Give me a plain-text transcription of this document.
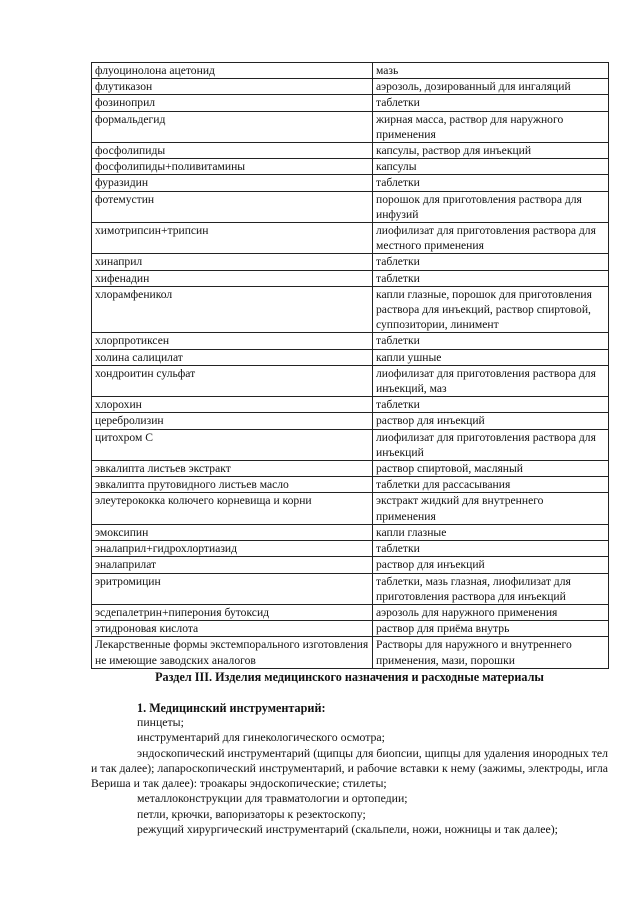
флуоцинолона ацетонид	мазь
флутиказон	аэрозоль, дозированный для ингаляций
фозиноприл	таблетки
формальдегид	жирная масса, раствор для наружного применения
фосфолипиды	капсулы, раствор для инъекций
фосфолипиды+поливитамины	капсулы
фуразидин	таблетки
фотемустин	порошок для приготовления раствора для инфузий
химотрипсин+трипсин	лиофилизат для приготовления раствора для местного применения
хинаприл	таблетки
хифенадин	таблетки
хлорамфеникол	капли глазные, порошок для приготовления раствора для инъекций, раствор спиртовой, суппозитории, линимент
хлорпротиксен	таблетки
холина салицилат	капли ушные
хондроитин сульфат	лиофилизат для приготовления раствора для инъекций, маз
хлорохин	таблетки
церебролизин	раствор для инъекций
цитохром С	лиофилизат для приготовления раствора для инъекций
эвкалипта листьев экстракт	раствор спиртовой, масляный
эвкалипта прутовидного листьев масло	таблетки для рассасывания
элеутерококка колючего корневища и корни	экстракт жидкий для внутреннего применения
эмоксипин	капли глазные
эналаприл+гидрохлортиазид	таблетки
эналаприлат	раствор для инъекций
эритромицин	таблетки, мазь глазная, лиофилизат для приготовления раствора для инъекций
эсдепалетрин+пиперония бутоксид	аэрозоль для наружного применения
этидроновая кислота	раствор для приёма внутрь
Лекарственные формы экстемпорального изготовления не имеющие заводских аналогов	Растворы для наружного и внутреннего применения, мази, порошки
Раздел III. Изделия медицинского назначения и расходные материалы
1. Медицинский инструментарий:

пинцеты;

инструментарий для гинекологического осмотра;

эндоскопический инструментарий (щипцы для биопсии, щипцы для удаления инородных тел и так далее); лапароскопический инструментарий, и рабочие вставки к нему (зажимы, электроды, игла Вериша и так далее): троакары эндоскопические; стилеты;

металлоконструкции для травматологии и ортопедии;

петли, крючки, вапоризаторы к резектоскопу;

режущий хирургический инструментарий (скальпели, ножи, ножницы и так далее);
